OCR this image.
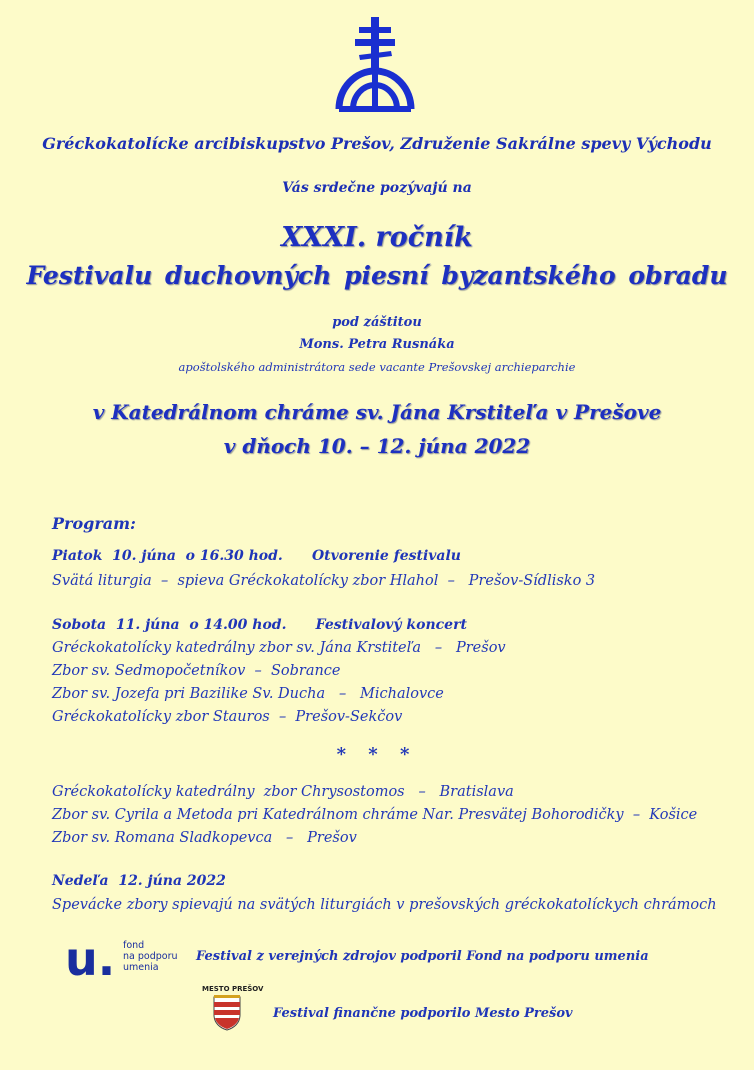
Gréckokatolícke arcibiskupstvo Prešov, Združenie Sakrálne spevy Východu
Vás srdečne pozývajú na
XXXI. ročník
Festivalu duchovných piesní byzantského obradu
pod záštitou
Mons. Petra Rusnáka
apoštolského administrátora sede vacante Prešovskej archieparchie
v Katedrálnom chráme sv. Jána Krstiteľa v Prešove
v dňoch 10. – 12. júna 2022
Program:
Piatok  10. júna  o 16.30 hod.      Otvorenie festivalu
Svätá liturgia  –  spieva Gréckokatolícky zbor Hlahol  –   Prešov-Sídlisko 3
Sobota  11. júna  o 14.00 hod.      Festivalový koncert
Gréckokatolícky katedrálny zbor sv. Jána Krstiteľa   –   Prešov
Zbor sv. Sedmopočetníkov  –  Sobrance
Zbor sv. Jozefa pri Bazilike Sv. Ducha   –   Michalovce
Gréckokatolícky zbor Stauros  –  Prešov-Sekčov
* * *
Gréckokatolícky katedrálny  zbor Chrysostomos   –   Bratislava
Zbor sv. Cyrila a Metoda pri Katedrálnom chráme Nar. Presvätej Bohorodičky  –  Košice
Zbor sv. Romana Sladkopevca   –   Prešov
Nedeľa  12. júna 2022
Spevácke zbory spievajú na svätých liturgiách v prešovských gréckokatolíckych chrámoch
u. fond
na podporu
umenia
Festival z verejných zdrojov podporil Fond na podporu umenia
MESTO PREŠOV
Festival finančne podporilo Mesto Prešov
